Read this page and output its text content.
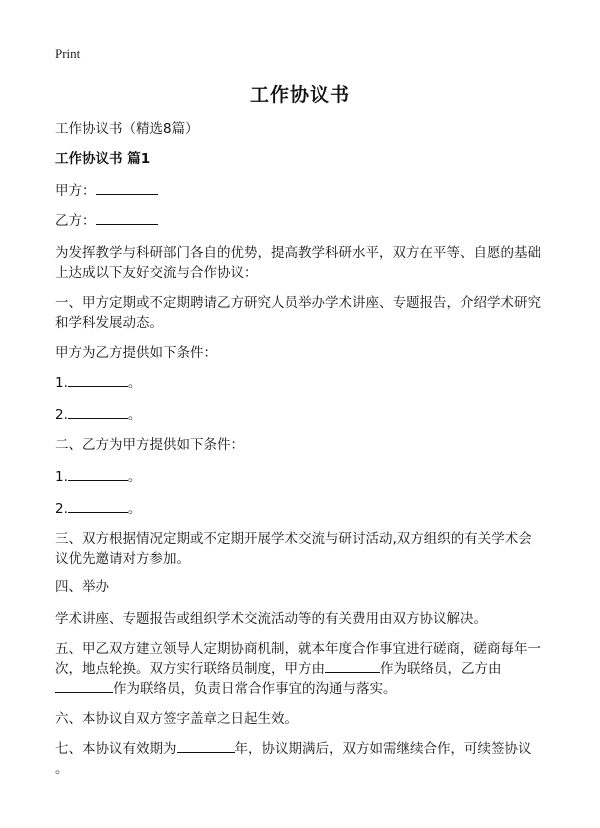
Print
工作协议书
工作协议书（精选8篇）
工作协议书 篇1
甲方：
乙方：
为发挥教学与科研部门各自的优势，提高教学科研水平，双方在平等、自愿的基础
上达成以下友好交流与合作协议：
一、甲方定期或不定期聘请乙方研究人员举办学术讲座、专题报告，介绍学术研究
和学科发展动态。
甲方为乙方提供如下条件：
1.	。
2.	。
二、乙方为甲方提供如下条件：
1.	。
2.	。
三、双方根据情况定期或不定期开展学术交流与研讨活动,双方组织的有关学术会
议优先邀请对方参加。
四、举办
学术讲座、专题报告或组织学术交流活动等的有关费用由双方协议解决。
五、甲乙双方建立领导人定期协商机制，就本年度合作事宜进行磋商，磋商每年一
次，地点轮换。双方实行联络员制度，甲方由	作为联络员，乙方由
作为联络员，负责日常合作事宜的沟通与落实。
六、本协议自双方签字盖章之日起生效。
七、本协议有效期为	年，协议期满后，双方如需继续合作，可续签协议
。
